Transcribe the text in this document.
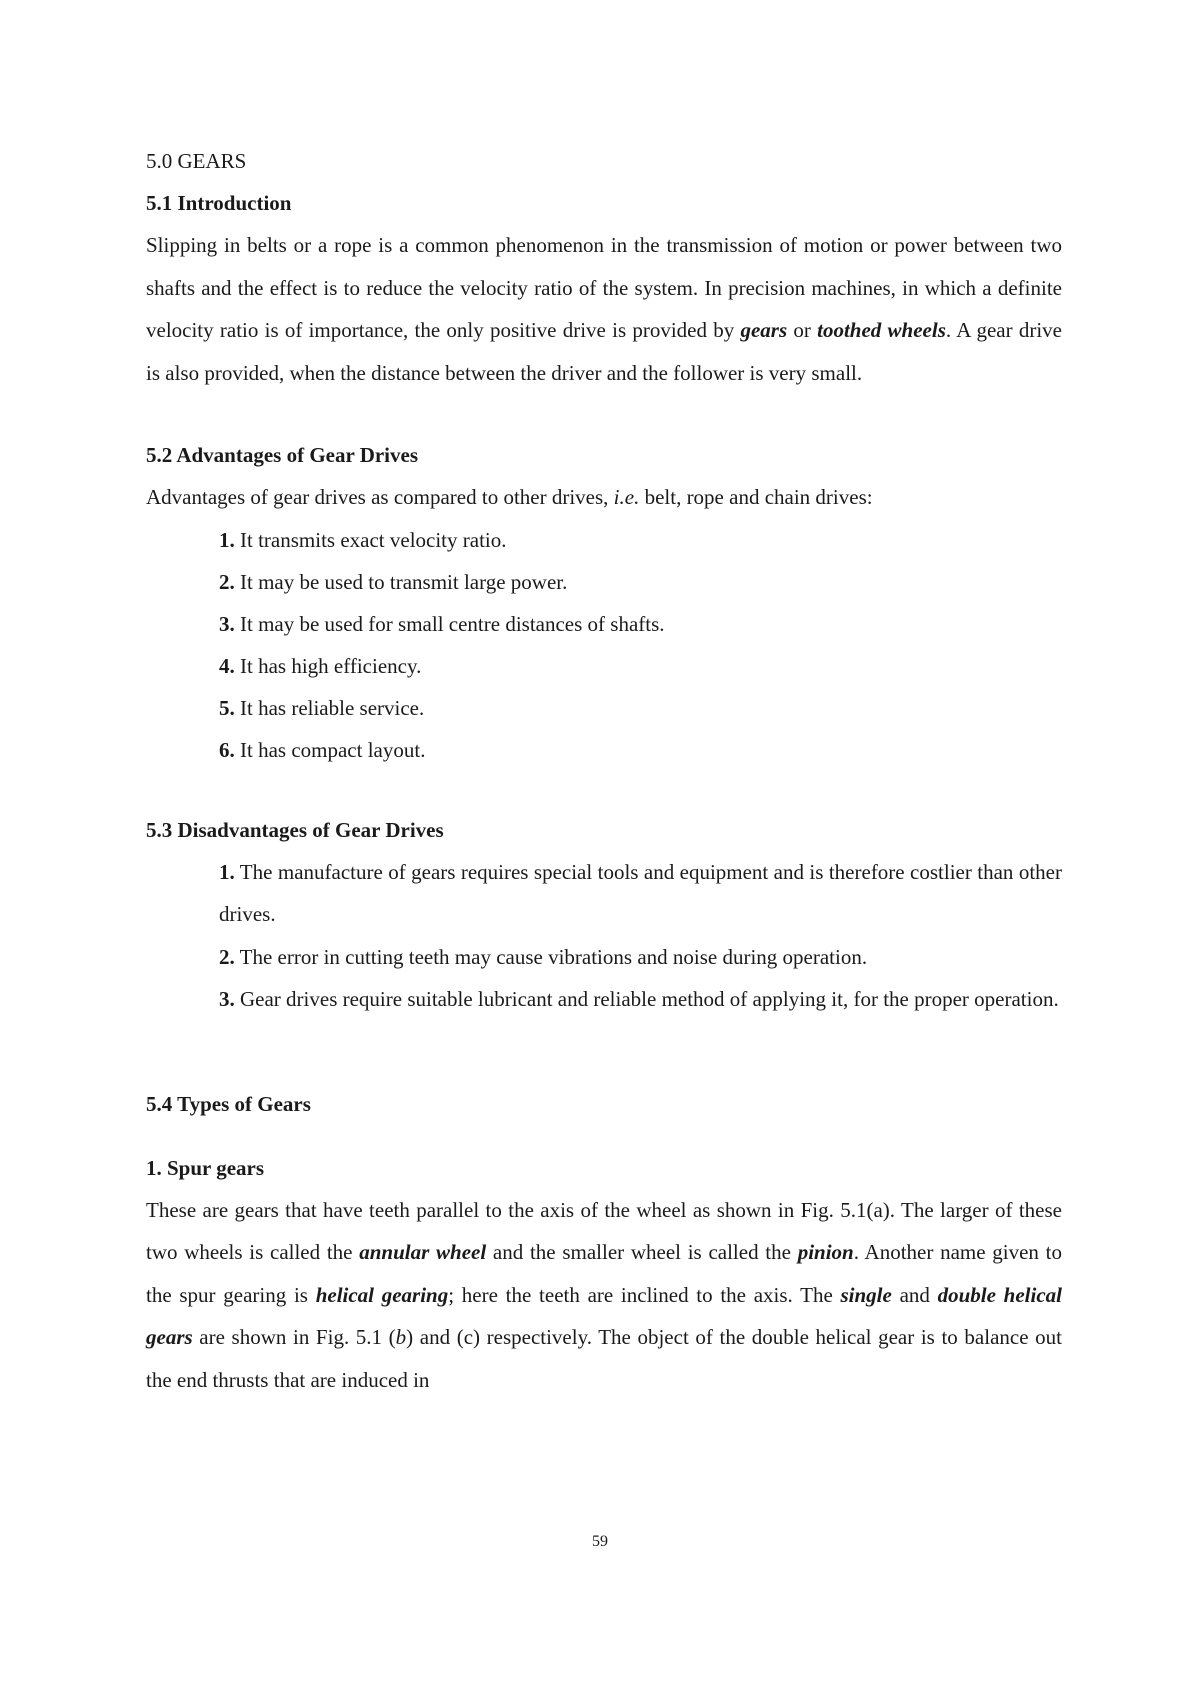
5.0 GEARS
5.1 Introduction

Slipping in belts or a rope is a common phenomenon in the transmission of motion or power between two shafts and the effect is to reduce the velocity ratio of the system. In precision machines, in which a definite velocity ratio is of importance, the only positive drive is provided by gears or toothed wheels. A gear drive is also provided, when the distance between the driver and the follower is very small.

5.2 Advantages of Gear Drives

Advantages of gear drives as compared to other drives, i.e. belt, rope and chain drives:

1. It transmits exact velocity ratio.
2. It may be used to transmit large power.
3. It may be used for small centre distances of shafts.
4. It has high efficiency.
5. It has reliable service.
6. It has compact layout.
5.3 Disadvantages of Gear Drives
1. The manufacture of gears requires special tools and equipment and is therefore costlier than other drives.
2. The error in cutting teeth may cause vibrations and noise during operation.
3. Gear drives require suitable lubricant and reliable method of applying it, for the proper operation.
5.4 Types of Gears
1. Spur gears

These are gears that have teeth parallel to the axis of the wheel as shown in Fig. 5.1(a). The larger of these two wheels is called the annular wheel and the smaller wheel is called the pinion. Another name given to the spur gearing is helical gearing; here the teeth are inclined to the axis. The single and double helical gears are shown in Fig. 5.1 (b) and (c) respectively. The object of the double helical gear is to balance out the end thrusts that are induced in

59
